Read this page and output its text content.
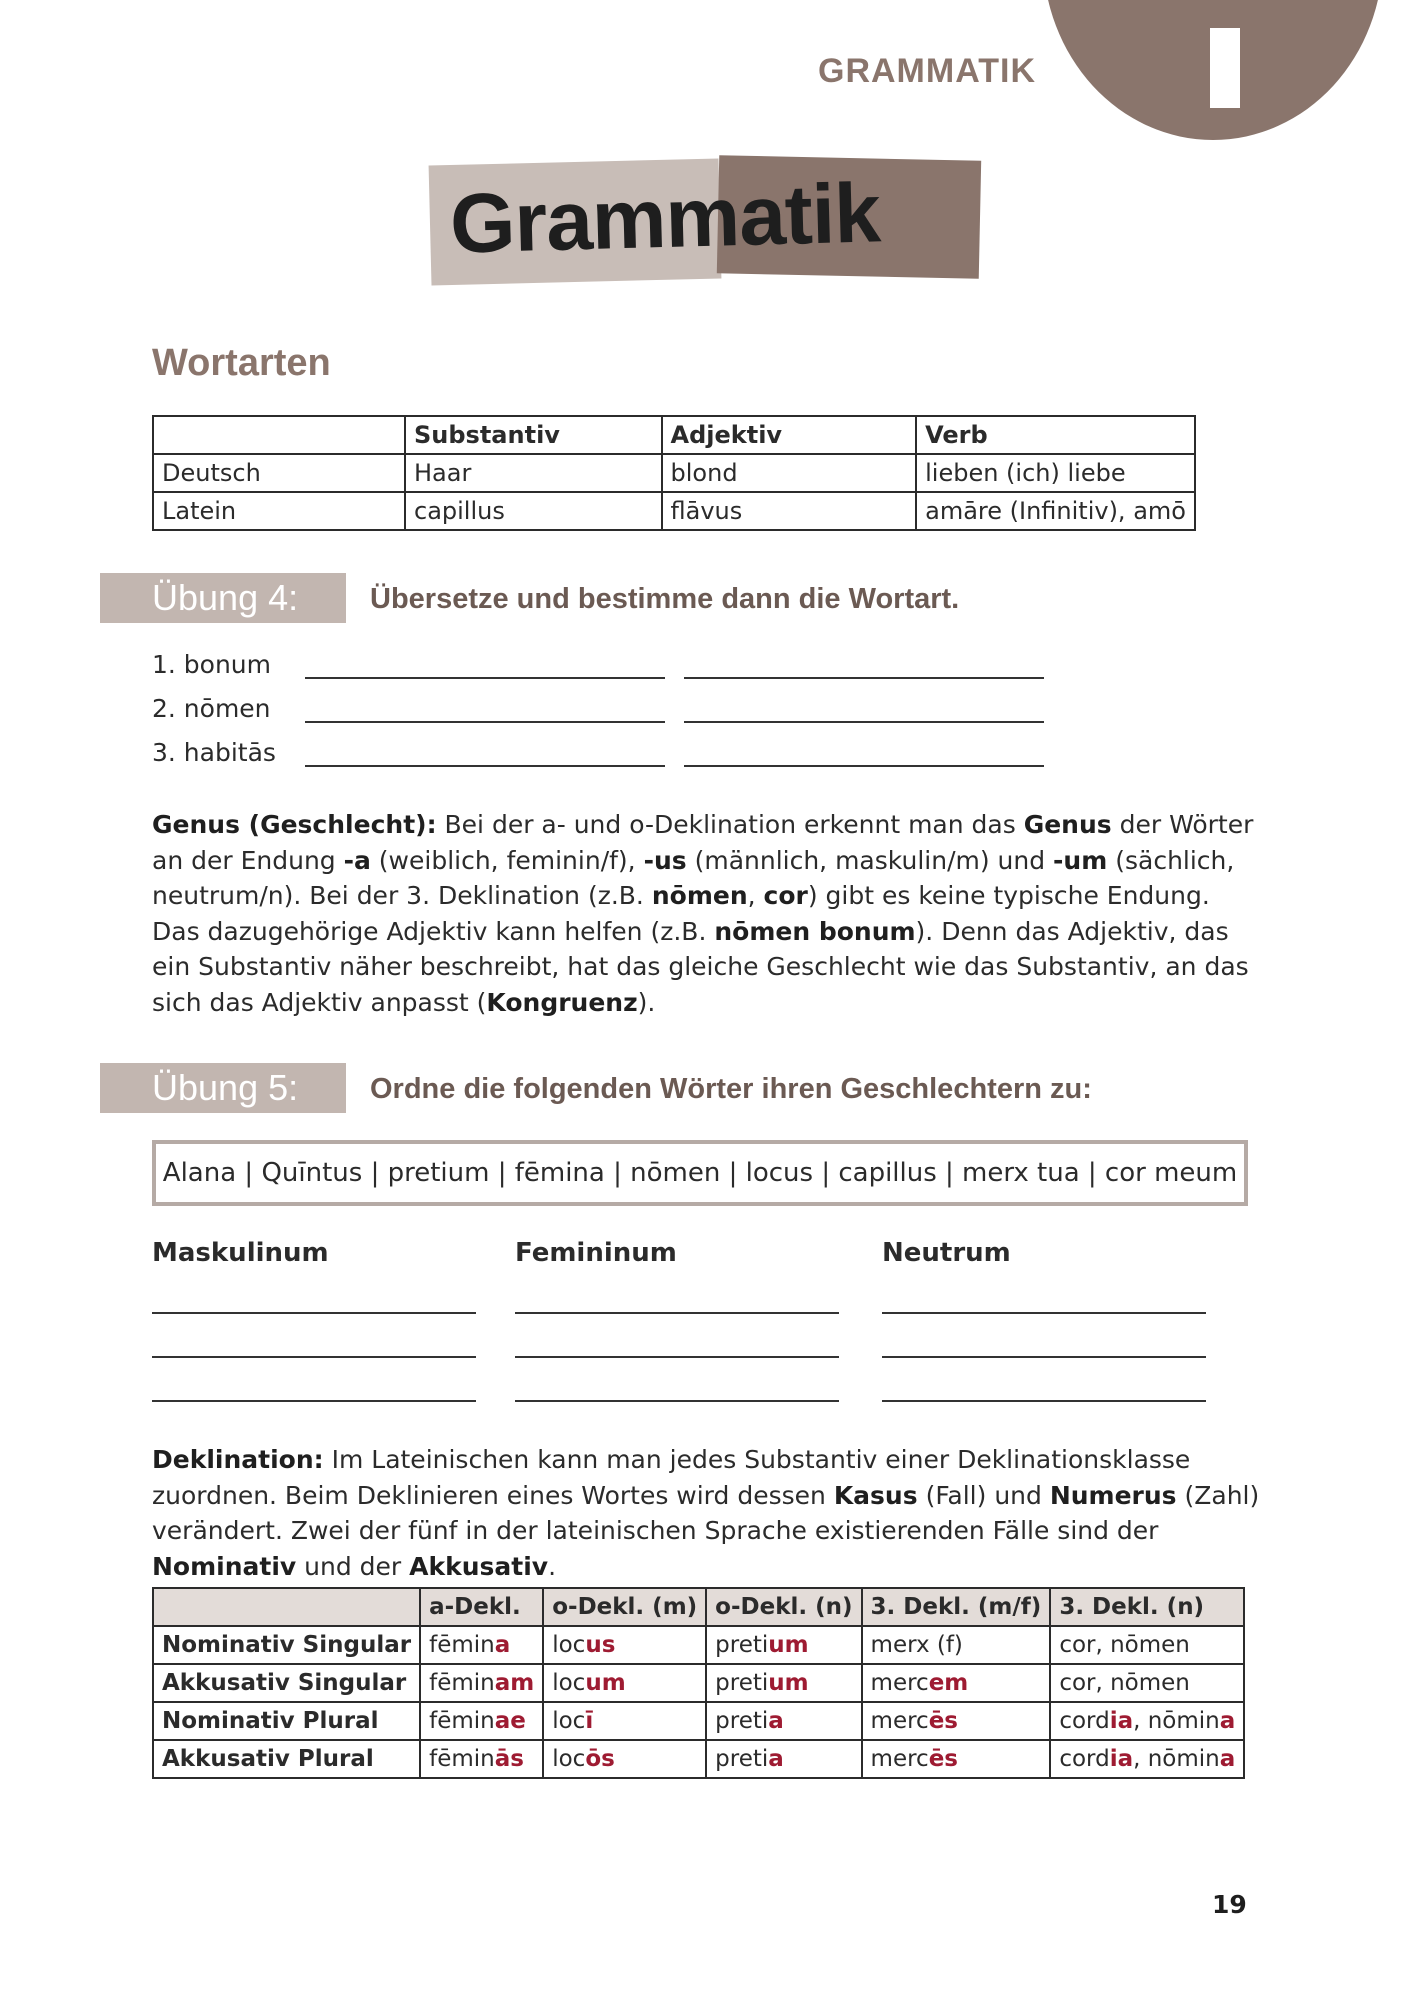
GRAMMATIK
Grammatik
Wortarten
	Substantiv	Adjektiv	Verb
Deutsch	Haar	blond	lieben (ich) liebe
Latein	capillus	flāvus	amāre (Infinitiv), amō
Übung 4:	Übersetze und bestimme dann die Wortart.
1. bonum
2. nōmen
3. habitās
Genus (Geschlecht): Bei der a- und o-Deklination erkennt man das Genus der Wörter an der Endung -a (weiblich, feminin/f), -us (männlich, maskulin/m) und -um (sächlich, neutrum/n). Bei der 3. Deklination (z.B. nōmen, cor) gibt es keine typische Endung. Das dazugehörige Adjektiv kann helfen (z.B. nōmen bonum). Denn das Adjektiv, das ein Substantiv näher beschreibt, hat das gleiche Geschlecht wie das Substantiv, an das sich das Adjektiv anpasst (Kongruenz).
Übung 5:	Ordne die folgenden Wörter ihren Geschlechtern zu:
Alana | Quīntus | pretium | fēmina | nōmen | locus | capillus | merx tua | cor meum
Maskulinum	Femininum	Neutrum
Deklination: Im Lateinischen kann man jedes Substantiv einer Deklinationsklasse zuordnen. Beim Deklinieren eines Wortes wird dessen Kasus (Fall) und Numerus (Zahl) verändert. Zwei der fünf in der lateinischen Sprache existierenden Fälle sind der Nominativ und der Akkusativ.
	a-Dekl.	o-Dekl. (m)	o-Dekl. (n)	3. Dekl. (m/f)	3. Dekl. (n)
Nominativ Singular	fēmina	locus	pretium	merx (f)	cor, nōmen
Akkusativ Singular	fēminam	locum	pretium	mercem	cor, nōmen
Nominativ Plural	fēminae	locī	pretia	mercēs	cordia, nōmina
Akkusativ Plural	fēminās	locōs	pretia	mercēs	cordia, nōmina
19
